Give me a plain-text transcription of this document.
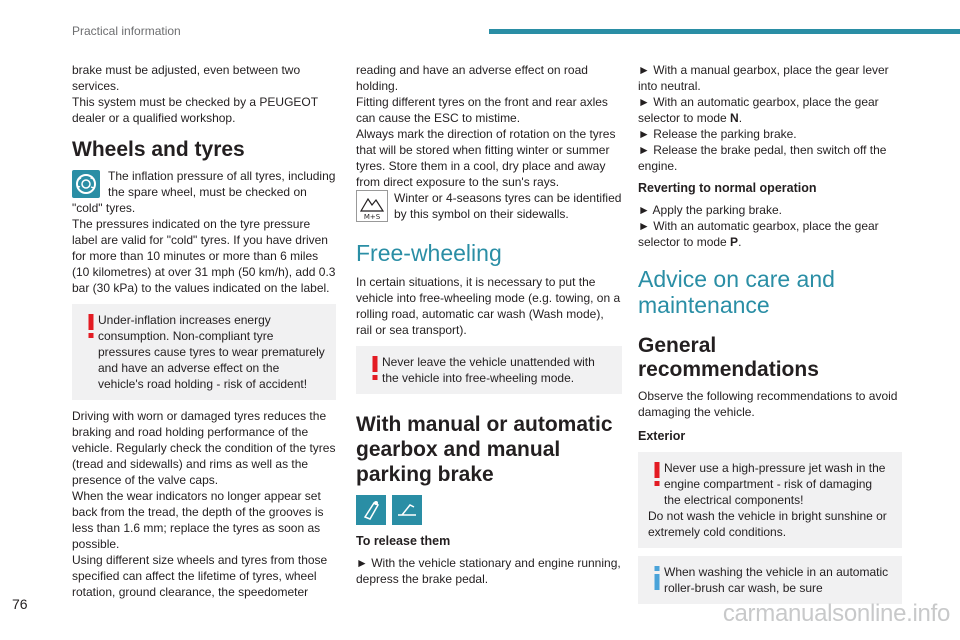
Practical information

brake must be adjusted, even between two services.

This system must be checked by a PEUGEOT dealer or a qualified workshop.

Wheels and tyres

The inflation pressure of all tyres, including the spare wheel, must be checked on "cold" tyres.

The pressures indicated on the tyre pressure label are valid for "cold" tyres. If you have driven for more than 10 minutes or more than 6 miles (10 kilometres) at over 31 mph (50 km/h), add 0.3 bar (30 kPa) to the values indicated on the label.

Under-inflation increases energy consumption. Non-compliant tyre pressures cause tyres to wear prematurely and have an adverse effect on the vehicle's road holding - risk of accident!

Driving with worn or damaged tyres reduces the braking and road holding performance of the vehicle. Regularly check the condition of the tyres (tread and sidewalls) and rims as well as the presence of the valve caps.

When the wear indicators no longer appear set back from the tread, the depth of the grooves is less than 1.6 mm; replace the tyres as soon as possible.

Using different size wheels and tyres from those specified can affect the lifetime of tyres, wheel rotation, ground clearance, the speedometer

reading and have an adverse effect on road holding.

Fitting different tyres on the front and rear axles can cause the ESC to mistime.

Always mark the direction of rotation on the tyres that will be stored when fitting winter or summer tyres. Store them in a cool, dry place and away from direct exposure to the sun's rays.

M+S

Winter or 4-seasons tyres can be identified by this symbol on their sidewalls.

Free-wheeling

In certain situations, it is necessary to put the vehicle into free-wheeling mode (e.g. towing, on a rolling road, automatic car wash (Wash mode), rail or sea transport).

Never leave the vehicle unattended with the vehicle into free-wheeling mode.

With manual or automatic gearbox and manual parking brake
To release them

► With the vehicle stationary and engine running, depress the brake pedal.

► With a manual gearbox, place the gear lever into neutral.

► With an automatic gearbox, place the gear selector to mode N.

► Release the parking brake.

► Release the brake pedal, then switch off the engine.

Reverting to normal operation

► Apply the parking brake.

► With an automatic gearbox, place the gear selector to mode P.

Advice on care and maintenance
General recommendations

Observe the following recommendations to avoid damaging the vehicle.

Exterior

Never use a high-pressure jet wash in the engine compartment - risk of damaging the electrical components!

Do not wash the vehicle in bright sunshine or extremely cold conditions.

When washing the vehicle in an automatic roller-brush car wash, be sure

76	carmanualsonline.info
